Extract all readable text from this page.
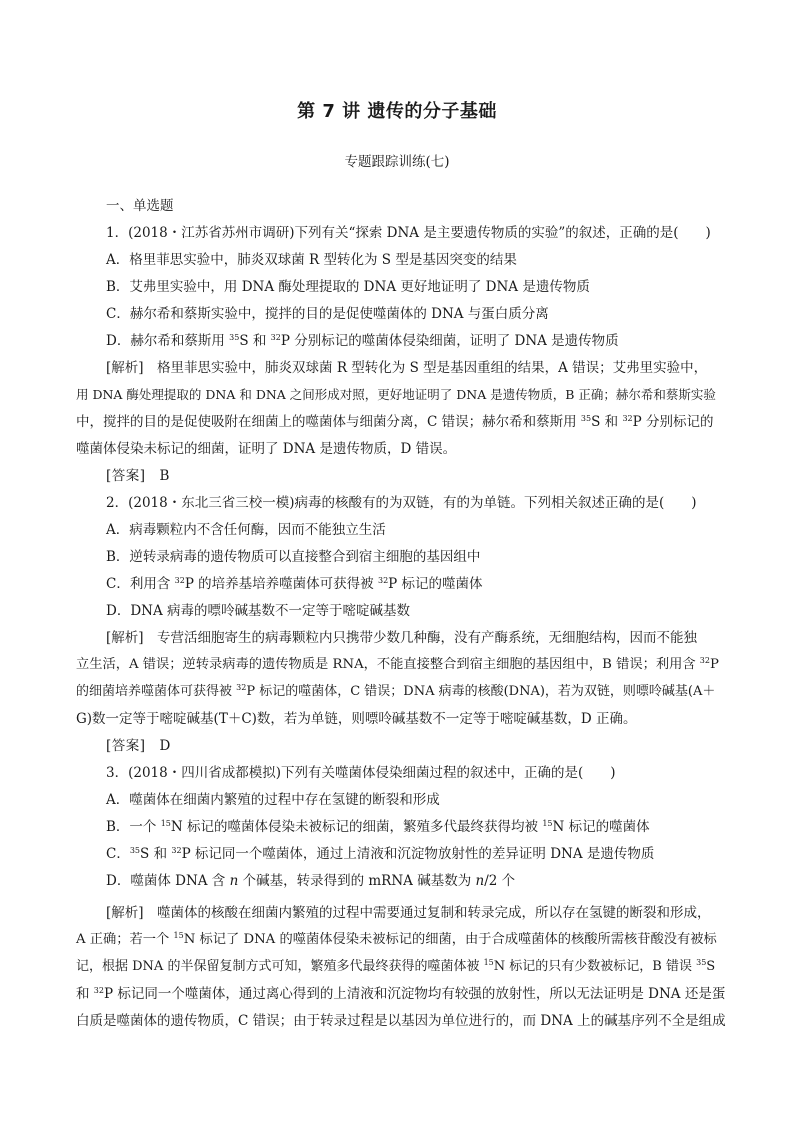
第 7 讲 遗传的分子基础
专题跟踪训练(七)
一、单选题
1．(2018・江苏省苏州市调研)下列有关“探索 DNA 是主要遗传物质的实验”的叙述，正确的是(　　)
A．格里菲思实验中，肺炎双球菌 R 型转化为 S 型是基因突变的结果
B．艾弗里实验中，用 DNA 酶处理提取的 DNA 更好地证明了 DNA 是遗传物质
C．赫尔希和蔡斯实验中，搅拌的目的是促使噬菌体的 DNA 与蛋白质分离
D．赫尔希和蔡斯用 $^{35}$S 和 $^{32}$P 分别标记的噬菌体侵染细菌，证明了 DNA 是遗传物质
[解析]　格里菲思实验中，肺炎双球菌 R 型转化为 S 型是基因重组的结果，A 错误；艾弗里实验中，
用 DNA 酶处理提取的 DNA 和 DNA 之间形成对照，更好地证明了 DNA 是遗传物质，B 正确；赫尔希和蔡斯实验
中，搅拌的目的是促使吸附在细菌上的噬菌体与细菌分离，C 错误；赫尔希和蔡斯用 $^{35}$S 和 $^{32}$P 分别标记的
噬菌体侵染未标记的细菌，证明了 DNA 是遗传物质，D 错误。
[答案]　B
2．(2018・东北三省三校一模)病毒的核酸有的为双链，有的为单链。下列相关叙述正确的是(　　)
A．病毒颗粒内不含任何酶，因而不能独立生活
B．逆转录病毒的遗传物质可以直接整合到宿主细胞的基因组中
C．利用含 $^{32}$P 的培养基培养噬菌体可获得被 $^{32}$P 标记的噬菌体
D．DNA 病毒的嘌呤碱基数不一定等于嘧啶碱基数
[解析]　专营活细胞寄生的病毒颗粒内只携带少数几种酶，没有产酶系统，无细胞结构，因而不能独
立生活，A 错误；逆转录病毒的遗传物质是 RNA，不能直接整合到宿主细胞的基因组中，B 错误；利用含 $^{32}$P
的细菌培养噬菌体可获得被 $^{32}$P 标记的噬菌体，C 错误；DNA 病毒的核酸(DNA)，若为双链，则嘌呤碱基(A＋
G)数一定等于嘧啶碱基(T＋C)数，若为单链，则嘌呤碱基数不一定等于嘧啶碱基数，D 正确。
[答案]　D
3．(2018・四川省成都模拟)下列有关噬菌体侵染细菌过程的叙述中，正确的是(　　)
A．噬菌体在细菌内繁殖的过程中存在氢键的断裂和形成
B．一个 $^{15}$N 标记的噬菌体侵染未被标记的细菌，繁殖多代最终获得均被 $^{15}$N 标记的噬菌体
C．$^{35}$S 和 $^{32}$P 标记同一个噬菌体，通过上清液和沉淀物放射性的差异证明 DNA 是遗传物质
D．噬菌体 DNA 含 n 个碱基，转录得到的 mRNA 碱基数为 n/2 个
[解析]　噬菌体的核酸在细菌内繁殖的过程中需要通过复制和转录完成，所以存在氢键的断裂和形成，
A 正确；若一个 $^{15}$N 标记了 DNA 的噬菌体侵染未被标记的细菌，由于合成噬菌体的核酸所需核苷酸没有被标
记，根据 DNA 的半保留复制方式可知，繁殖多代最终获得的噬菌体被 $^{15}$N 标记的只有少数被标记，B 错误 $^{35}$S
和 $^{32}$P 标记同一个噬菌体，通过离心得到的上清液和沉淀物均有较强的放射性，所以无法证明是 DNA 还是蛋
白质是噬菌体的遗传物质，C 错误；由于转录过程是以基因为单位进行的，而 DNA 上的碱基序列不全是组成
